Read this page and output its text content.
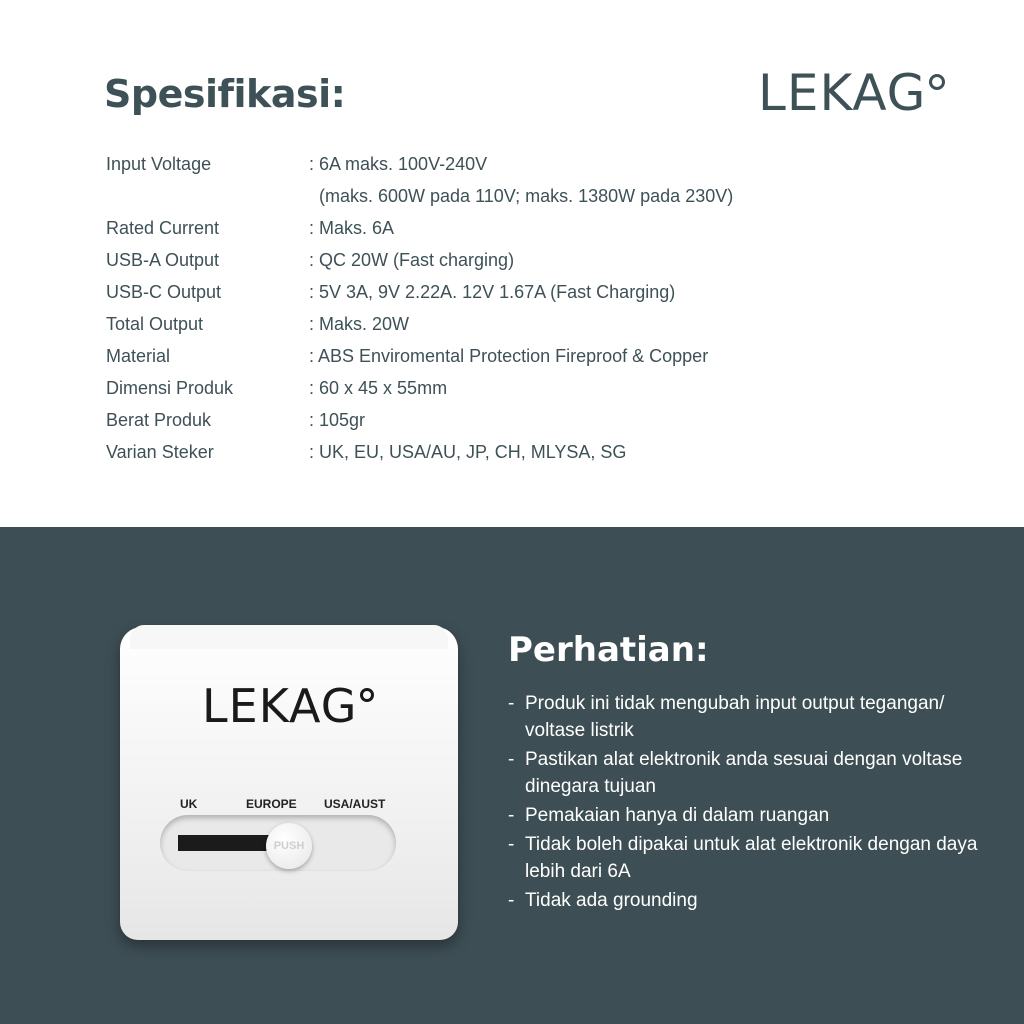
Spesifikasi:	LEKAG
Input Voltage	: 6A maks. 100V-240V
(maks. 600W pada 110V; maks. 1380W pada 230V)
Rated Current	: Maks. 6A
USB-A Output	: QC 20W (Fast charging)
USB-C Output	: 5V 3A, 9V 2.22A. 12V 1.67A (Fast Charging)
Total Output	: Maks. 20W
Material	: ABS Enviromental Protection Fireproof & Copper
Dimensi Produk	: 60 x 45 x 55mm
Berat Produk	: 105gr
Varian Steker	: UK, EU, USA/AU, JP, CH, MLYSA, SG
LEKAG
UK	EUROPE USA/AUST
PUSH
Perhatian:
- Produk ini tidak mengubah input output tegangan/ voltase listrik
- Pastikan alat elektronik anda sesuai dengan voltase dinegara tujuan
- Pemakaian hanya di dalam ruangan
- Tidak boleh dipakai untuk alat elektronik dengan daya lebih dari 6A
- Tidak ada grounding
